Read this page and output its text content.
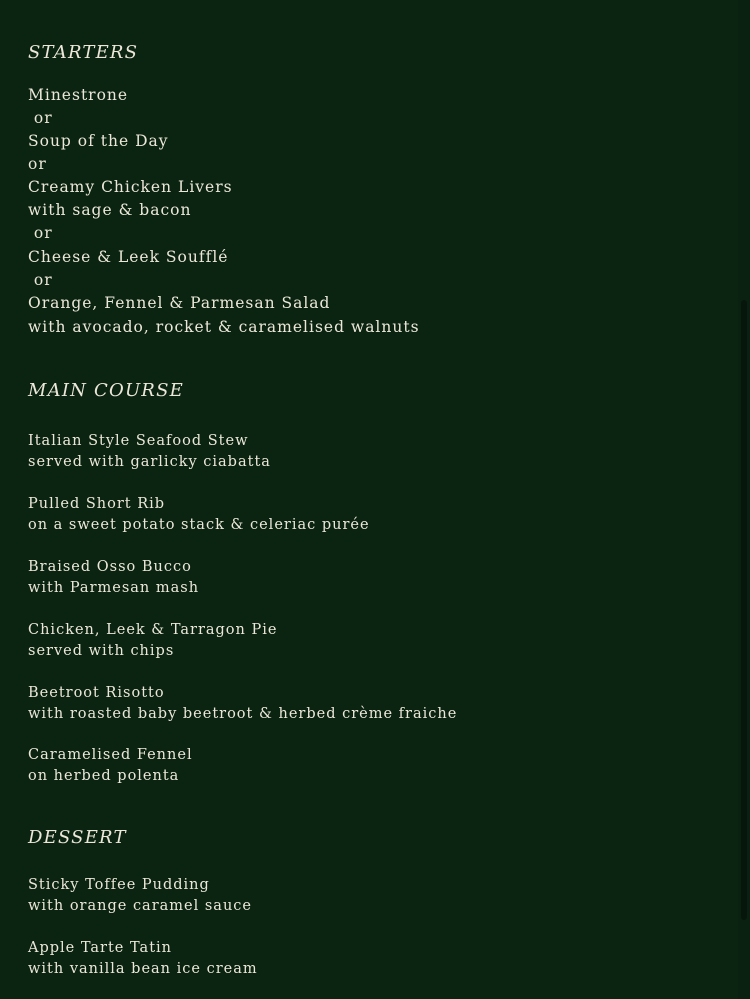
STARTERS
Minestrone
or
Soup of the Day
or
Creamy Chicken Livers
with sage & bacon
or
Cheese & Leek Soufflé
or
Orange, Fennel & Parmesan Salad
with avocado, rocket & caramelised walnuts
MAIN COURSE
Italian Style Seafood Stew
served with garlicky ciabatta
Pulled Short Rib
on a sweet potato stack & celeriac purée
Braised Osso Bucco
with Parmesan mash
Chicken, Leek & Tarragon Pie
served with chips
Beetroot Risotto
with roasted baby beetroot & herbed crème fraiche
Caramelised Fennel
on herbed polenta
DESSERT
Sticky Toffee Pudding
with orange caramel sauce
Apple Tarte Tatin
with vanilla bean ice cream
